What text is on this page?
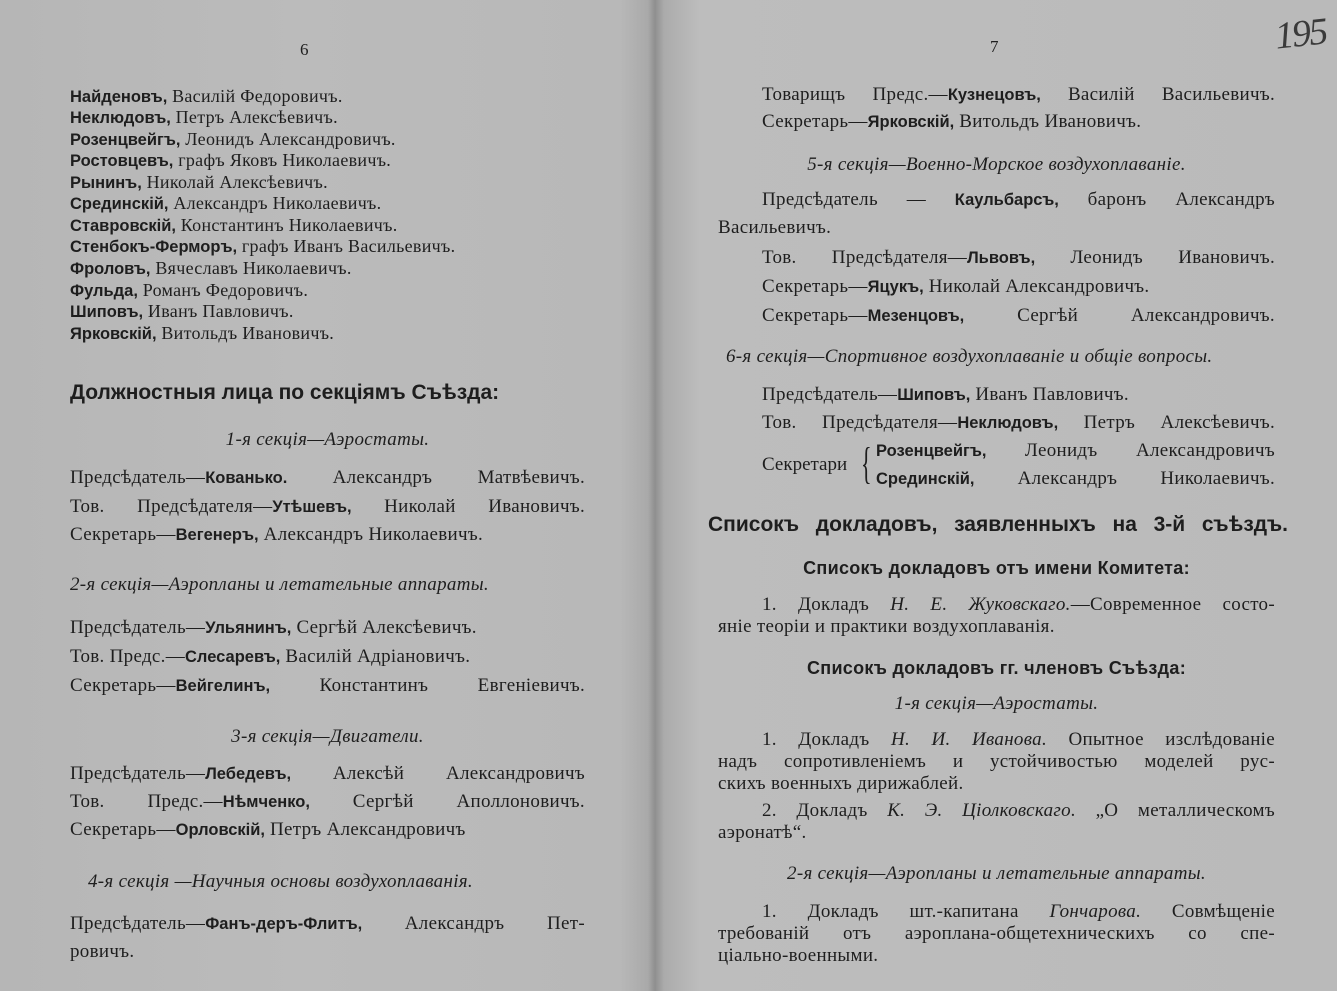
6
Найденовъ, Василій Федоровичъ.
Неклюдовъ, Петръ Алексѣевичъ.
Розенцвейгъ, Леонидъ Александровичъ.
Ростовцевъ, графъ Яковъ Николаевичъ.
Рынинъ, Николай Алексѣевичъ.
Срединскій, Александръ Николаевичъ.
Ставровскій, Константинъ Николаевичъ.
Стенбокъ-Ферморъ, графъ Иванъ Васильевичъ.
Фроловъ, Вячеславъ Николаевичъ.
Фульда, Романъ Федоровичъ.
Шиповъ, Иванъ Павловичъ.
Ярковскій, Витольдъ Ивановичъ.
Должностныя лица по секціямъ Съѣзда:
1-я секція—Аэростаты.
Предсѣдатель—Кованько. Александръ Матвѣевичъ.
Тов. Предсѣдателя—Утѣшевъ, Николай Ивановичъ.
Секретарь—Вегенеръ, Александръ Николаевичъ.
2-я секція—Аэропланы и летательные аппараты.
Предсѣдатель—Ульянинъ, Сергѣй Алексѣевичъ.
Тов. Предс.—Слесаревъ, Василій Адріановичъ.
Секретарь—Вейгелинъ, Константинъ Евгеніевичъ.
3-я секція—Двигатели.
Предсѣдатель—Лебедевъ, Алексѣй Александровичъ
Тов. Предс.—Нѣмченко, Сергѣй Аполлоновичъ.
Секретарь—Орловскій, Петръ Александровичъ
4-я секція —Научныя основы воздухоплаванія.
Предсѣдатель—Фанъ-деръ-Флитъ, Александръ Пет-
ровичъ.
7
Товарищъ Предс.—Кузнецовъ, Василій Васильевичъ.
Секретарь—Ярковскій, Витольдъ Ивановичъ.
5-я секція—Военно-Морское воздухоплаваніе.
Предсѣдатель — Каульбарсъ, баронъ Александръ
Васильевичъ.
Тов. Предсѣдателя—Львовъ, Леонидъ Ивановичъ.
Секретарь—Яцукъ, Николай Александровичъ.
Секретарь—Мезенцовъ, Сергѣй Александровичъ.
6-я секція—Спортивное воздухоплаваніе и общіе вопросы.
Предсѣдатель—Шиповъ, Иванъ Павловичъ.
Тов. Предсѣдателя—Неклюдовъ, Петръ Алексѣевичъ.
Секретари { Розенцвейгъ, Леонидъ Александровичъ
Срединскій, Александръ Николаевичъ.
Списокъ докладовъ, заявленныхъ на 3-й съѣздъ.
Списокъ докладовъ отъ имени Комитета:
1. Докладъ Н. Е. Жуковскаго.—Современное состо-
яніе теоріи и практики воздухоплаванія.
Списокъ докладовъ гг. членовъ Съѣзда:
1-я секція—Аэростаты.
1. Докладъ Н. И. Иванова. Опытное изслѣдованіе
надъ сопротивленіемъ и устойчивостью моделей рус-
скихъ военныхъ дирижаблей.
2. Докладъ К. Э. Ціолковскаго. „О металлическомъ
аэронатѣ“.
2-я секція—Аэропланы и летательные аппараты.
1. Докладъ шт.-капитана Гончарова. Совмѣщеніе
требованій отъ аэроплана-общетехническихъ со спе-
ціально-военными.
195
